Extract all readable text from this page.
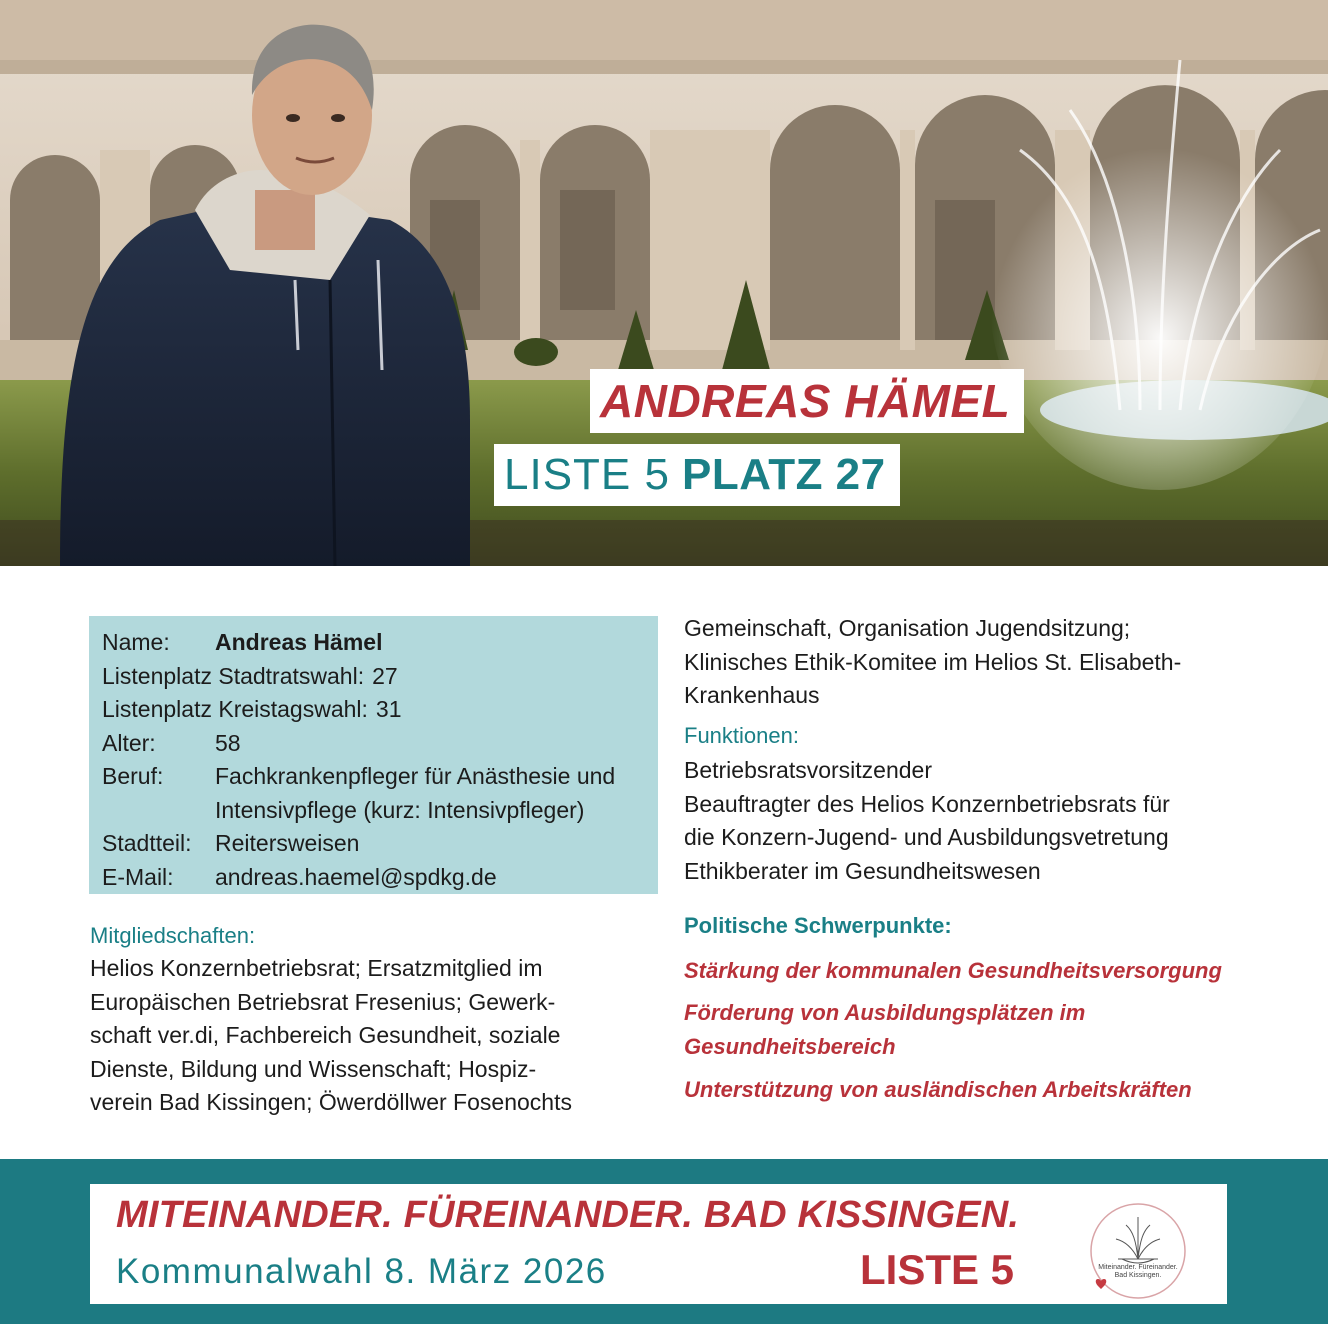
ANDREAS HÄMEL
LISTE 5 PLATZ 27
Name:	Andreas Hämel
Listenplatz Stadtratswahl: 27
Listenplatz Kreistagswahl: 31
Alter:	58
Beruf:	Fachkrankenpfleger für Anästhesie und
Intensivpflege (kurz: Intensivpfleger)
Stadtteil:	Reitersweisen
E-Mail:	andreas.haemel@spdkg.de
Mitgliedschaften:
Helios Konzernbetriebsrat; Ersatzmitglied im
Europäischen Betriebsrat Fresenius; Gewerk-
schaft ver.di, Fachbereich Gesundheit, soziale
Dienste, Bildung und Wissenschaft; Hospiz-
verein Bad Kissingen; Öwerdöllwer Fosenochts
Gemeinschaft, Organisation Jugendsitzung;
Klinisches Ethik-Komitee im Helios St. Elisabeth-
Krankenhaus
Funktionen:
Betriebsratsvorsitzender
Beauftragter des Helios Konzernbetriebsrats für
die Konzern-Jugend- und Ausbildungsvetretung
Ethikberater im Gesundheitswesen
Politische Schwerpunkte:
Stärkung der kommunalen Gesundheitsversorgung
Förderung von Ausbildungsplätzen im
Gesundheitsbereich
Unterstützung von ausländischen Arbeitskräften
MITEINANDER. FÜREINANDER. BAD KISSINGEN.
Kommunalwahl 8. März 2026	LISTE 5	Miteinander. Füreinander.
Bad Kissingen.
